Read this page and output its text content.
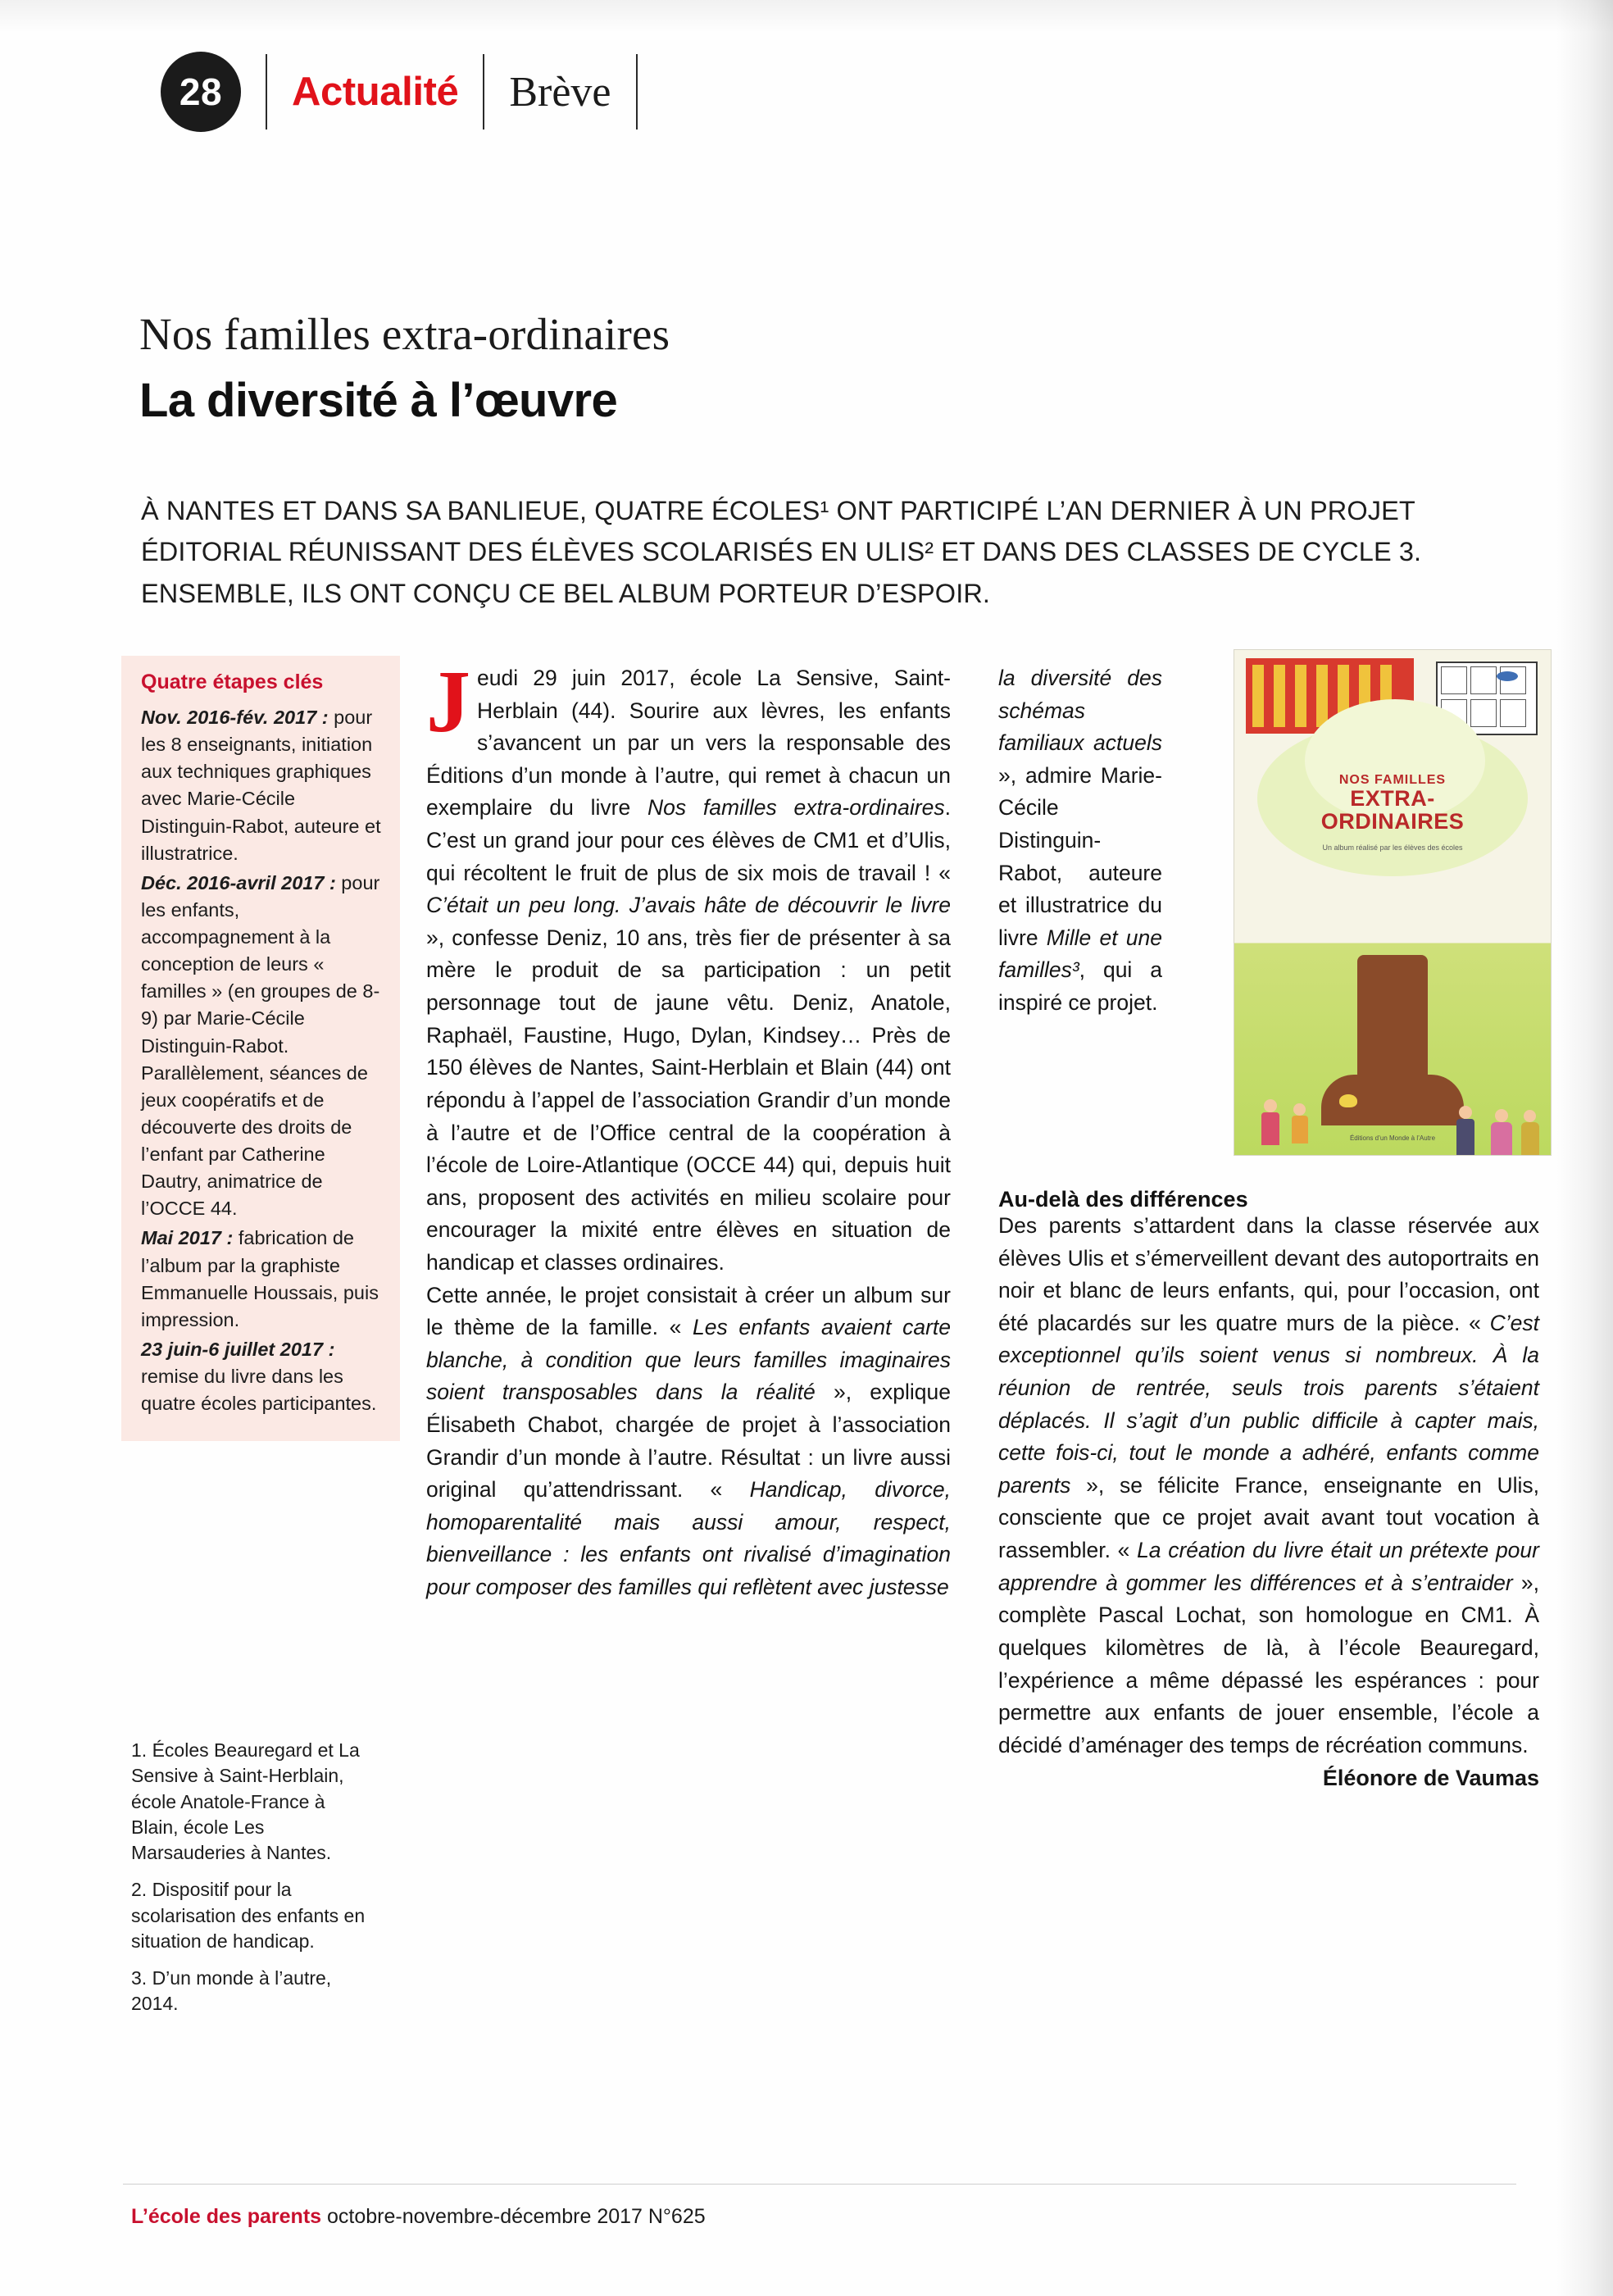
28	Actualité Brève
Nos familles extra-ordinaires
La diversité à l’œuvre
À NANTES ET DANS SA BANLIEUE, QUATRE ÉCOLES¹ ONT PARTICIPÉ L’AN DERNIER À UN PROJET ÉDITORIAL RÉUNISSANT DES ÉLÈVES SCOLARISÉS EN ULIS² ET DANS DES CLASSES DE CYCLE 3. ENSEMBLE, ILS ONT CONÇU CE BEL ALBUM PORTEUR D’ESPOIR.
Quatre étapes clés

Nov. 2016-fév. 2017 : pour les 8 enseignants, initiation aux techniques graphiques avec Marie-Cécile Distinguin-Rabot, auteure et illustratrice.

Déc. 2016-avril 2017 : pour les enfants, accompagnement à la conception de leurs « familles » (en groupes de 8-9) par Marie-Cécile Distinguin-Rabot. Parallèlement, séances de jeux coopératifs et de découverte des droits de l’enfant par Catherine Dautry, animatrice de l’OCCE 44.

Mai 2017 : fabrication de l’album par la graphiste Emmanuelle Houssais, puis impression.

23 juin-6 juillet 2017 : remise du livre dans les quatre écoles participantes.

1. Écoles Beauregard et La Sensive à Saint-Herblain, école Anatole-France à Blain, école Les Marsauderies à Nantes.

2. Dispositif pour la scolarisation des enfants en situation de handicap.

3. D’un monde à l’autre, 2014.

Jeudi 29 juin 2017, école La Sensive, Saint-Herblain (44). Sourire aux lèvres, les enfants s’avancent un par un vers la responsable des Éditions d’un monde à l’autre, qui remet à chacun un exemplaire du livre Nos familles extra-ordinaires. C’est un grand jour pour ces élèves de CM1 et d’Ulis, qui récoltent le fruit de plus de six mois de travail ! « C’était un peu long. J’avais hâte de découvrir le livre », confesse Deniz, 10 ans, très fier de présenter à sa mère le produit de sa participation : un petit personnage tout de jaune vêtu. Deniz, Anatole, Raphaël, Faustine, Hugo, Dylan, Kindsey… Près de 150 élèves de Nantes, Saint-Herblain et Blain (44) ont répondu à l’appel de l’association Grandir d’un monde à l’autre et de l’Office central de la coopération à l’école de Loire-Atlantique (OCCE 44) qui, depuis huit ans, proposent des activités en milieu scolaire pour encourager la mixité entre élèves en situation de handicap et classes ordinaires.

Cette année, le projet consistait à créer un album sur le thème de la famille. « Les enfants avaient carte blanche, à condition que leurs familles imaginaires soient transposables dans la réalité », explique Élisabeth Chabot, chargée de projet à l’association Grandir d’un monde à l’autre. Résultat : un livre aussi original qu’attendrissant. « Handicap, divorce, homoparentalité mais aussi amour, respect, bienveillance : les enfants ont rivalisé d’imagination pour composer des familles qui reflètent avec justesse

la diversité des schémas familiaux actuels », admire Marie-Cécile Distinguin-Rabot, auteure et illustratrice du livre Mille et une familles³, qui a inspiré ce projet.

Au-delà des différences

Des parents s’attardent dans la classe réservée aux élèves Ulis et s’émerveillent devant des autoportraits en noir et blanc de leurs enfants, qui, pour l’occasion, ont été placardés sur les quatre murs de la pièce. « C’est exceptionnel qu’ils soient venus si nombreux. À la réunion de rentrée, seuls trois parents s’étaient déplacés. Il s’agit d’un public difficile à capter mais, cette fois-ci, tout le monde a adhéré, enfants comme parents », se félicite France, enseignante en Ulis, consciente que ce projet avait avant tout vocation à rassembler. « La création du livre était un prétexte pour apprendre à gommer les différences et à s’entraider », complète Pascal Lochat, son homologue en CM1. À quelques kilomètres de là, à l’école Beauregard, l’expérience a même dépassé les espérances : pour permettre aux enfants de jouer ensemble, l’école a décidé d’aménager des temps de récréation communs.
Éléonore de Vaumas

NOS FAMILLES
EXTRA-
ORDINAIRES
Un album réalisé par les élèves des écoles
Éditions d’un Monde à l’Autre
L’école des parents octobre-novembre-décembre 2017 N°625
